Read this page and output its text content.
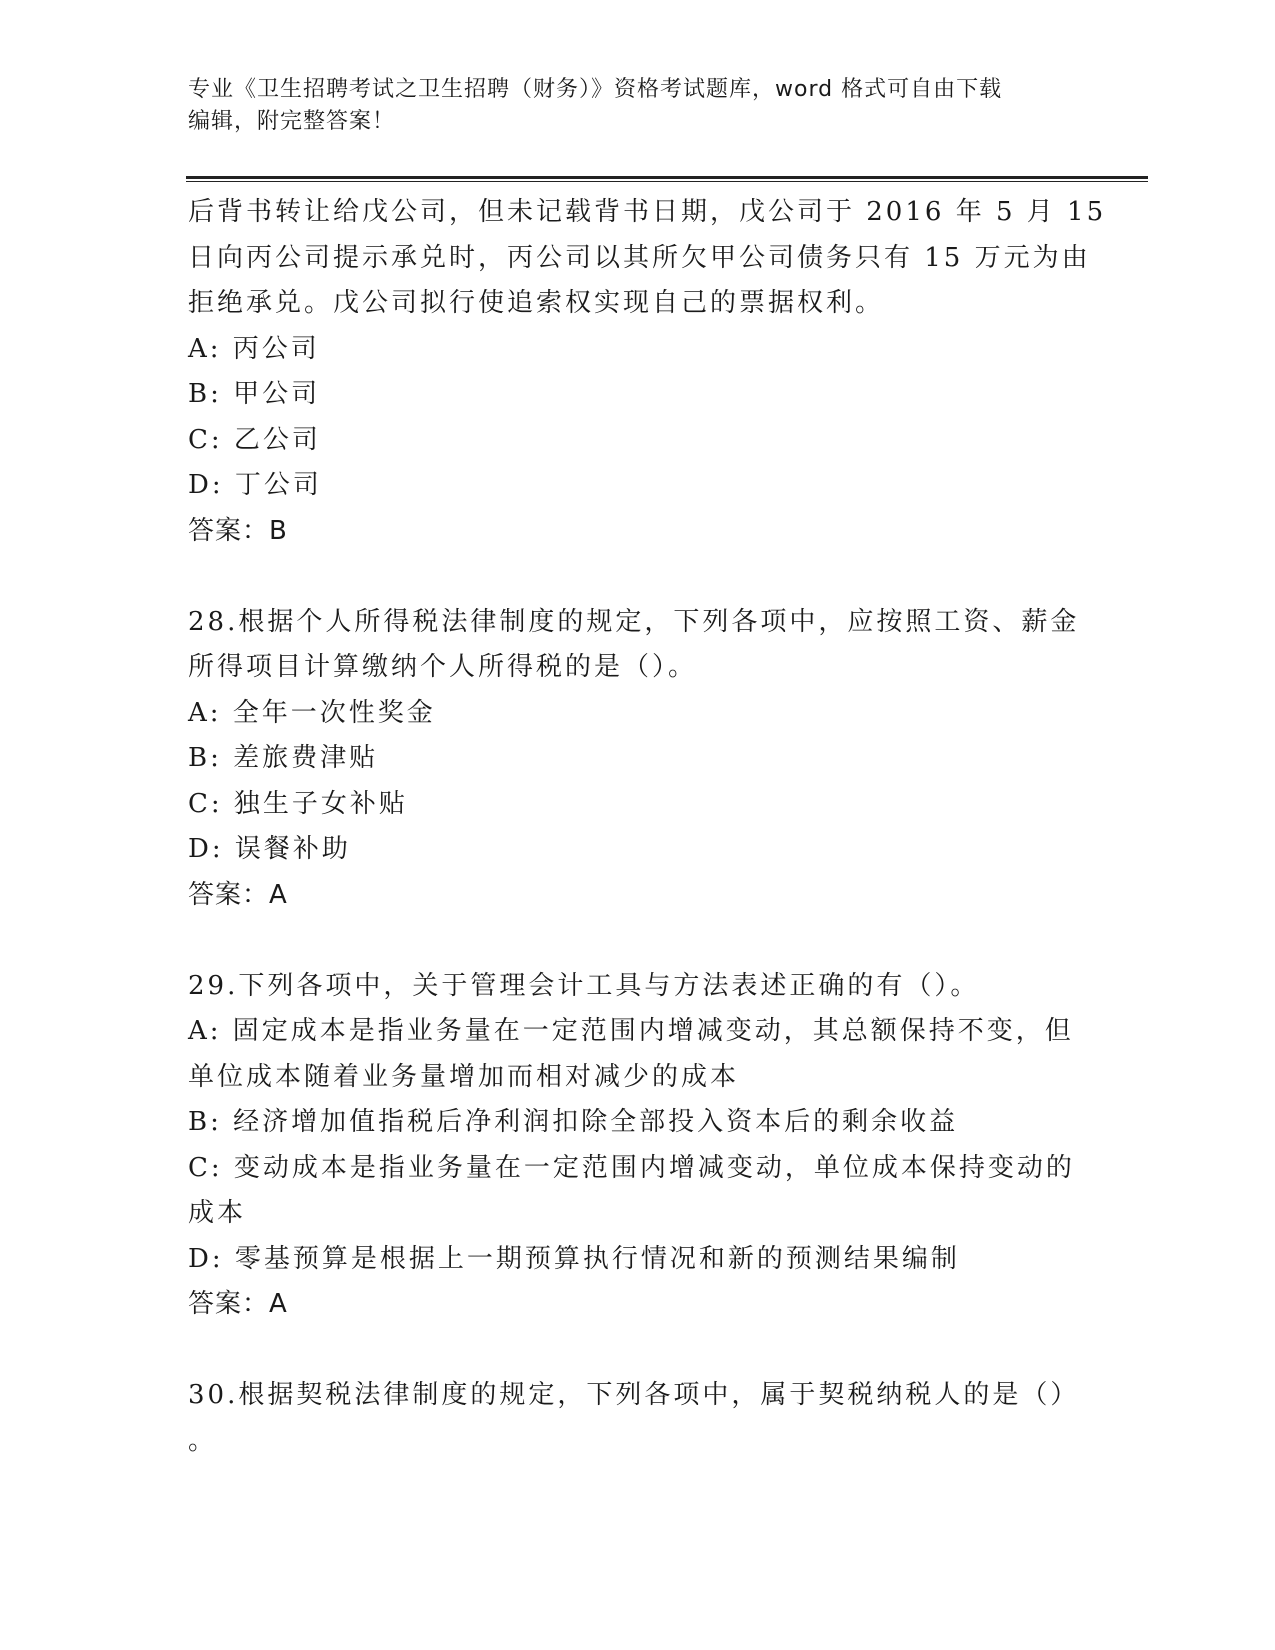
专业《卫生招聘考试之卫生招聘（财务）》资格考试题库，word 格式可自由下载
编辑，附完整答案！

后背书转让给戊公司，但未记载背书日期，戊公司于 2016 年 5 月 15

日向丙公司提示承兑时，丙公司以其所欠甲公司债务只有 15 万元为由

拒绝承兑。戊公司拟行使追索权实现自己的票据权利。

A: 丙公司

B: 甲公司

C: 乙公司

D: 丁公司

答案：B

28.根据个人所得税法律制度的规定，下列各项中，应按照工资、薪金

所得项目计算缴纳个人所得税的是（）。

A: 全年一次性奖金

B: 差旅费津贴

C: 独生子女补贴

D: 误餐补助

答案：A

29.下列各项中，关于管理会计工具与方法表述正确的有（）。

A: 固定成本是指业务量在一定范围内增减变动，其总额保持不变，但

单位成本随着业务量增加而相对减少的成本

B: 经济增加值指税后净利润扣除全部投入资本后的剩余收益

C: 变动成本是指业务量在一定范围内增减变动，单位成本保持变动的

成本

D: 零基预算是根据上一期预算执行情况和新的预测结果编制

答案：A

30.根据契税法律制度的规定，下列各项中，属于契税纳税人的是（）

。
